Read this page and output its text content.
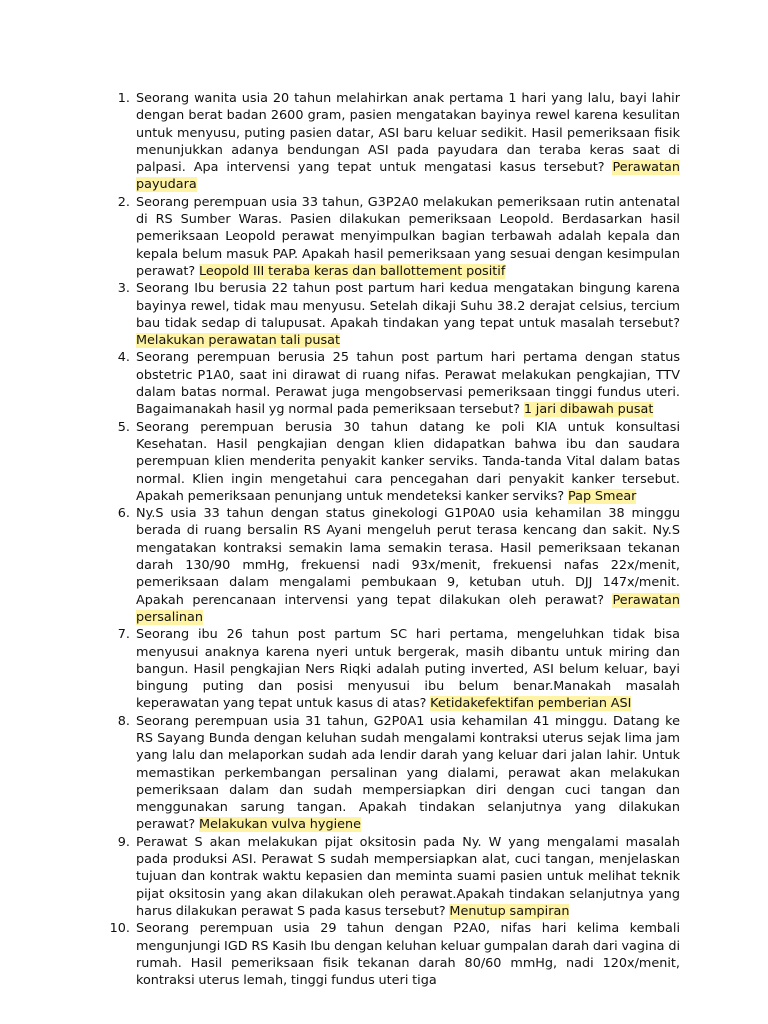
1. Seorang wanita usia 20 tahun melahirkan anak pertama 1 hari yang lalu, bayi lahir dengan berat badan 2600 gram, pasien mengatakan bayinya rewel karena kesulitan untuk menyusu, puting pasien datar, ASI baru keluar sedikit. Hasil pemeriksaan fisik menunjukkan adanya bendungan ASI pada payudara dan teraba keras saat di palpasi. Apa intervensi yang tepat untuk mengatasi kasus tersebut? Perawatan payudara
2. Seorang perempuan usia 33 tahun, G3P2A0 melakukan pemeriksaan rutin antenatal di RS Sumber Waras. Pasien dilakukan pemeriksaan Leopold. Berdasarkan hasil pemeriksaan Leopold perawat menyimpulkan bagian terbawah adalah kepala dan kepala belum masuk PAP. Apakah hasil pemeriksaan yang sesuai dengan kesimpulan perawat? Leopold III teraba keras dan ballottement positif
3. Seorang Ibu berusia 22 tahun post partum hari kedua mengatakan bingung karena bayinya rewel, tidak mau menyusu. Setelah dikaji Suhu 38.2 derajat celsius, tercium bau tidak sedap di talupusat. Apakah tindakan yang tepat untuk masalah tersebut? Melakukan perawatan tali pusat
4. Seorang perempuan berusia 25 tahun post partum hari pertama dengan status obstetric P1A0, saat ini dirawat di ruang nifas. Perawat melakukan pengkajian, TTV dalam batas normal. Perawat juga mengobservasi pemeriksaan tinggi fundus uteri. Bagaimanakah hasil yg normal pada pemeriksaan tersebut? 1 jari dibawah pusat
5. Seorang perempuan berusia 30 tahun datang ke poli KIA untuk konsultasi Kesehatan. Hasil pengkajian dengan klien didapatkan bahwa ibu dan saudara perempuan klien menderita penyakit kanker serviks. Tanda-tanda Vital dalam batas normal. Klien ingin mengetahui cara pencegahan dari penyakit kanker tersebut. Apakah pemeriksaan penunjang untuk mendeteksi kanker serviks? Pap Smear
6. Ny.S usia 33 tahun dengan status ginekologi G1P0A0 usia kehamilan 38 minggu berada di ruang bersalin RS Ayani mengeluh perut terasa kencang dan sakit. Ny.S mengatakan kontraksi semakin lama semakin terasa. Hasil pemeriksaan tekanan darah 130/90 mmHg, frekuensi nadi 93x/menit, frekuensi nafas 22x/menit, pemeriksaan dalam mengalami pembukaan 9, ketuban utuh. DJJ 147x/menit. Apakah perencanaan intervensi yang tepat dilakukan oleh perawat? Perawatan persalinan
7. Seorang ibu 26 tahun post partum SC hari pertama, mengeluhkan tidak bisa menyusui anaknya karena nyeri untuk bergerak, masih dibantu untuk miring dan bangun. Hasil pengkajian Ners Riqki adalah puting inverted, ASI belum keluar, bayi bingung puting dan posisi menyusui ibu belum benar.Manakah masalah keperawatan yang tepat untuk kasus di atas? Ketidakefektifan pemberian ASI
8. Seorang perempuan usia 31 tahun, G2P0A1 usia kehamilan 41 minggu. Datang ke RS Sayang Bunda dengan keluhan sudah mengalami kontraksi uterus sejak lima jam yang lalu dan melaporkan sudah ada lendir darah yang keluar dari jalan lahir. Untuk memastikan perkembangan persalinan yang dialami, perawat akan melakukan pemeriksaan dalam dan sudah mempersiapkan diri dengan cuci tangan dan menggunakan sarung tangan. Apakah tindakan selanjutnya yang dilakukan perawat? Melakukan vulva hygiene
9. Perawat S akan melakukan pijat oksitosin pada Ny. W yang mengalami masalah pada produksi ASI. Perawat S sudah mempersiapkan alat, cuci tangan, menjelaskan tujuan dan kontrak waktu kepasien dan meminta suami pasien untuk melihat teknik pijat oksitosin yang akan dilakukan oleh perawat.Apakah tindakan selanjutnya yang harus dilakukan perawat S pada kasus tersebut? Menutup sampiran
10. Seorang perempuan usia 29 tahun dengan P2A0, nifas hari kelima kembali mengunjungi IGD RS Kasih Ibu dengan keluhan keluar gumpalan darah dari vagina di rumah. Hasil pemeriksaan fisik tekanan darah 80/60 mmHg, nadi 120x/menit, kontraksi uterus lemah, tinggi fundus uteri tiga
